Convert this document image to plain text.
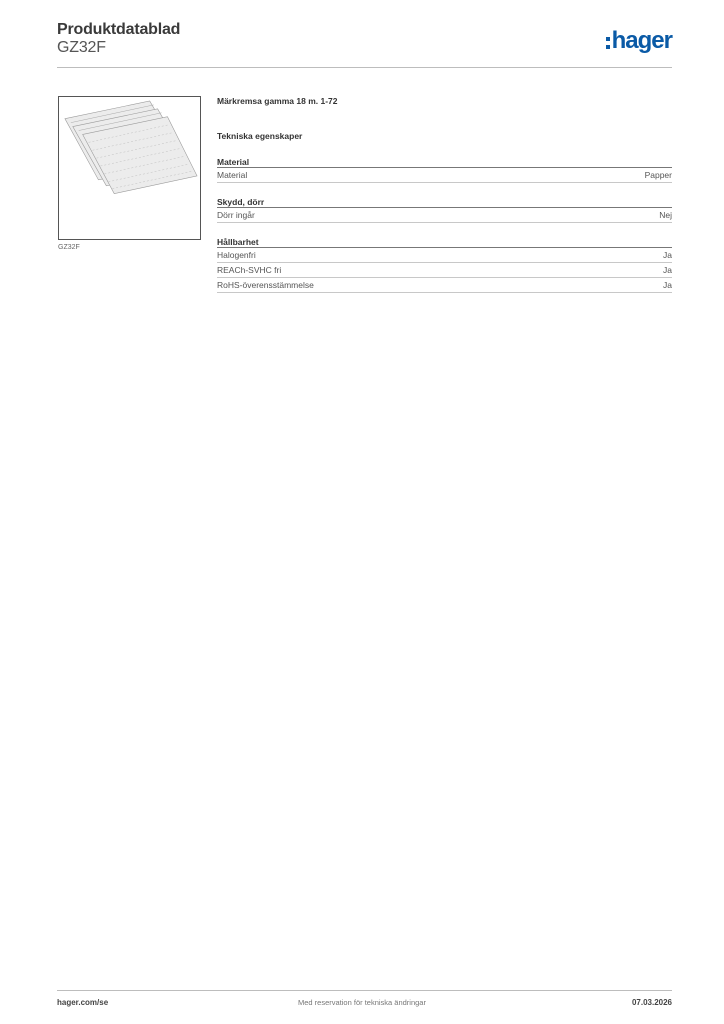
Produktdatablad
GZ32F	hager
GZ32F
Märkremsa gamma 18 m. 1-72
Tekniska egenskaper
Material
Material	Papper
Skydd, dörr
Dörr ingår	Nej
Hållbarhet
Halogenfri	Ja
REACh-SVHC fri	Ja
RoHS-överensstämmelse	Ja
hager.com/se	Med reservation för tekniska ändringar	07.03.2026
